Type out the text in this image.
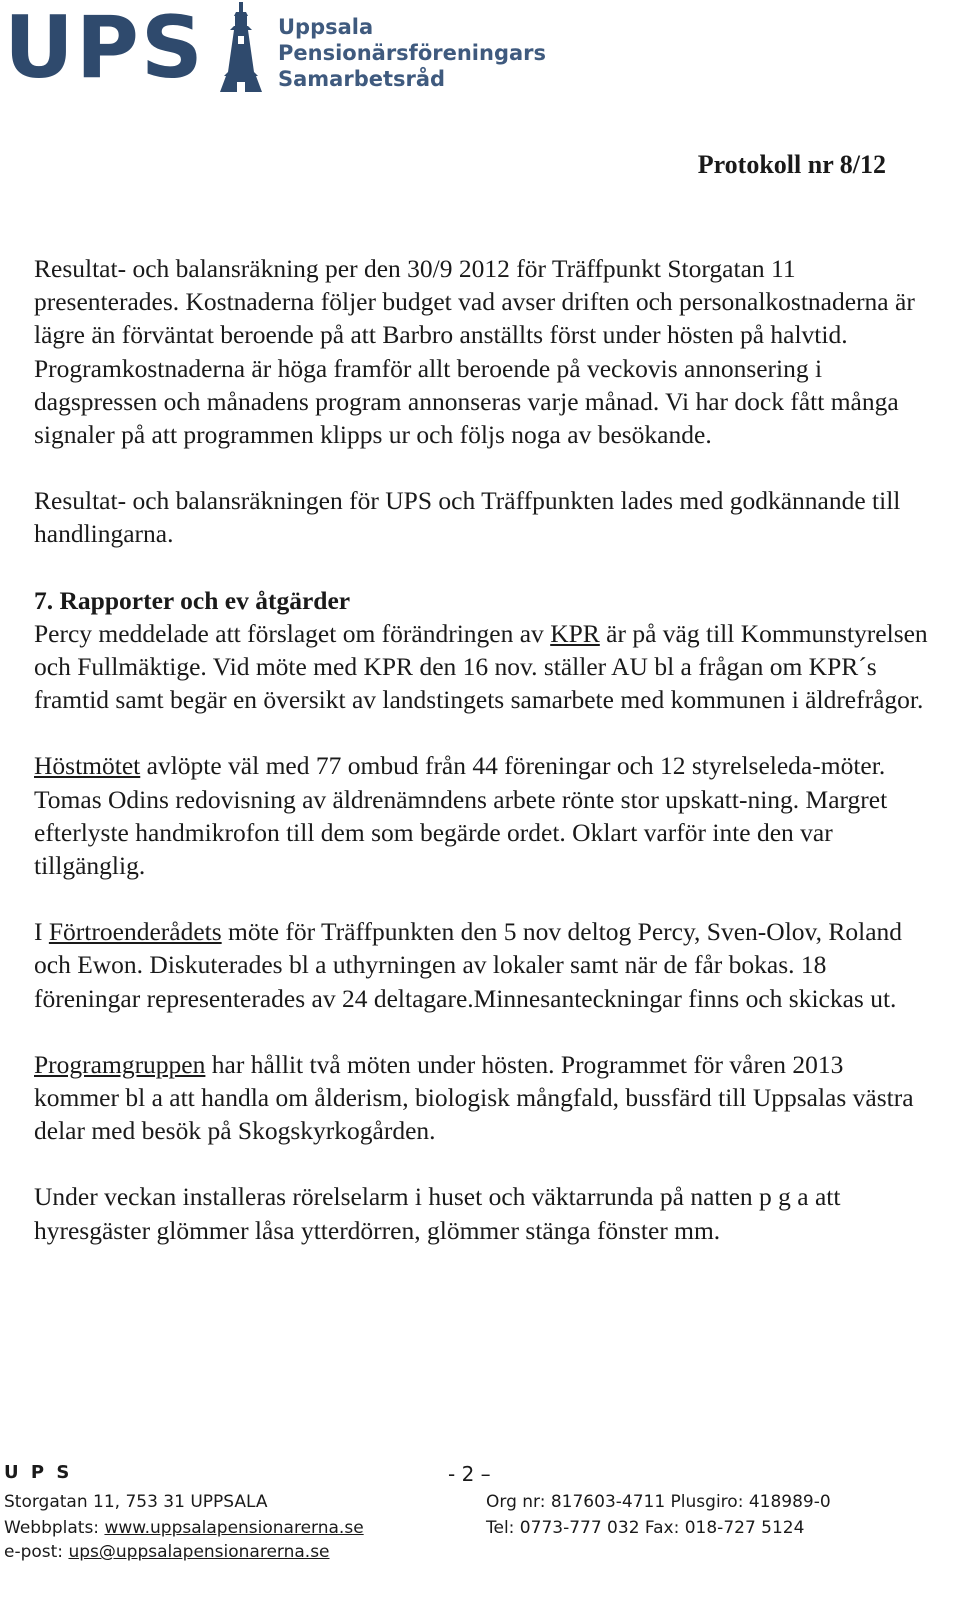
UPS	Uppsala
Pensionärsföreningars
Samarbetsråd
Protokoll nr 8/12

Resultat- och balansräkning per den 30/9 2012 för Träffpunkt Storgatan 11 presenterades. Kostnaderna följer budget vad avser driften och personalkostnaderna är lägre än förväntat beroende på att Barbro anställts först under hösten på halvtid. Programkostnaderna är höga framför allt beroende på veckovis annonsering i dagspressen och månadens program annonseras varje månad. Vi har dock fått många signaler på att programmen klipps ur och följs noga av besökande.

Resultat- och balansräkningen för UPS och Träffpunkten lades med godkännande till handlingarna.

7. Rapporter och ev åtgärder
Percy meddelade att förslaget om förändringen av KPR är på väg till Kommunstyrelsen och Fullmäktige. Vid möte med KPR den 16 nov. ställer AU bl a frågan om KPR´s framtid samt begär en översikt av landstingets samarbete med kommunen i äldrefrågor.

Höstmötet avlöpte väl med 77 ombud från 44 föreningar och 12 styrelseleda-möter. Tomas Odins redovisning av äldrenämndens arbete rönte stor upskatt-ning. Margret efterlyste handmikrofon till dem som begärde ordet. Oklart varför inte den var tillgänglig.

I Förtroenderådets möte för Träffpunkten den 5 nov deltog Percy, Sven-Olov, Roland och Ewon. Diskuterades bl a uthyrningen av lokaler samt när de får bokas. 18 föreningar representerades av 24 deltagare.Minnesanteckningar finns och skickas ut.

Programgruppen har hållit två möten under hösten. Programmet för våren 2013 kommer bl a att handla om ålderism, biologisk mångfald, bussfärd till Uppsalas västra delar med besök på Skogskyrkogården.

Under veckan installeras rörelselarm i huset och väktarrunda på natten p g a att hyresgäster glömmer låsa ytterdörren, glömmer stänga fönster mm.

U P S	- 2 –
Storgatan 11, 753 31 UPPSALA	Org nr: 817603-4711 Plusgiro: 418989-0
Webbplats: www.uppsalapensionarerna.se	Tel: 0773-777 032 Fax: 018-727 5124
e-post: ups@uppsalapensionarerna.se
